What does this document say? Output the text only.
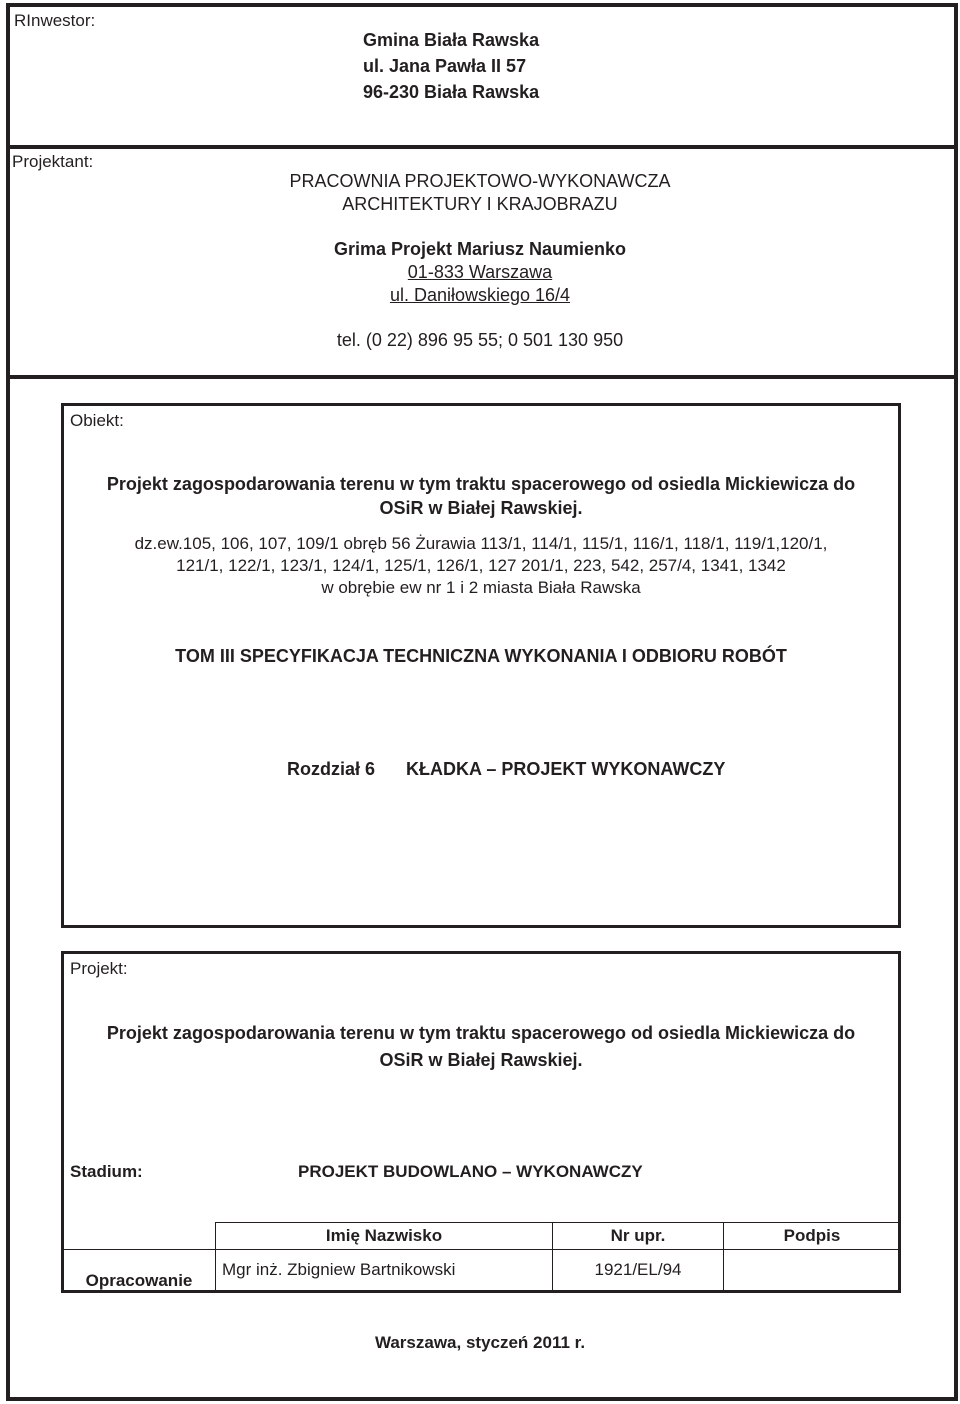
RInwestor:
Gmina Biała Rawska
ul. Jana Pawła II 57
96-230 Biała Rawska
Projektant:
PRACOWNIA PROJEKTOWO-WYKONAWCZA
ARCHITEKTURY I KRAJOBRAZU
Grima Projekt Mariusz Naumienko
01-833 Warszawa
ul. Daniłowskiego 16/4
tel. (0 22) 896 95 55; 0 501 130 950
Obiekt:
Projekt zagospodarowania terenu w tym traktu spacerowego od osiedla Mickiewicza do
OSiR w Białej Rawskiej.
dz.ew.105, 106, 107, 109/1 obręb 56 Żurawia 113/1, 114/1, 115/1, 116/1, 118/1, 119/1,120/1,
121/1, 122/1, 123/1, 124/1, 125/1, 126/1, 127 201/1, 223, 542, 257/4, 1341, 1342
w obrębie ew nr 1 i 2 miasta Biała Rawska
TOM III SPECYFIKACJA TECHNICZNA WYKONANIA I ODBIORU ROBÓT
Rozdział 6 KŁADKA – PROJEKT WYKONAWCZY
Projekt:
Projekt zagospodarowania terenu w tym traktu spacerowego od osiedla Mickiewicza do
OSiR w Białej Rawskiej.
Stadium:	PROJEKT BUDOWLANO – WYKONAWCZY
	Imię Nazwisko	Nr upr.	Podpis
Opracowanie	Mgr inż. Zbigniew Bartnikowski	1921/EL/94	
Warszawa, styczeń 2011 r.
